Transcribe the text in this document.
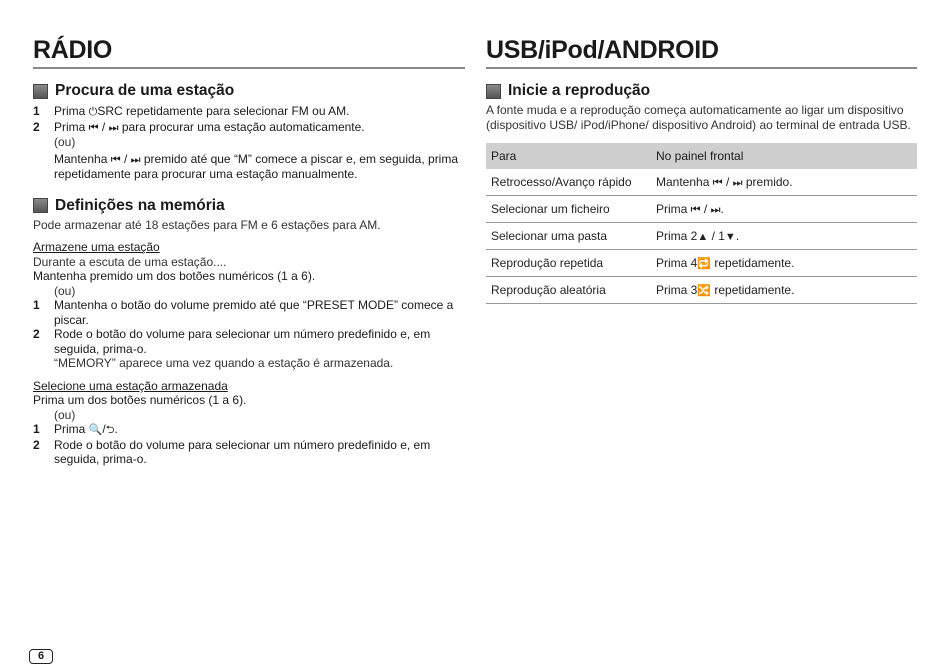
RÁDIO
Procura de uma estação
1	Prima ⏻SRC repetidamente para selecionar FM ou AM.
2	Prima ⏮ / ⏭ para procurar uma estação automaticamente.

(ou)

Mantenha ⏮ / ⏭ premido até que “M” comece a piscar e, em seguida, prima repetidamente para procurar uma estação manualmente.

Definições na memória

Pode armazenar até 18 estações para FM e 6 estações para AM.

Armazene uma estação

Durante a escuta de uma estação....

Mantenha premido um dos botões numéricos (1 a 6).

(ou)

1	Mantenha o botão do volume premido até que “PRESET MODE” comece a piscar.
2	Rode o botão do volume para selecionar um número predefinido e, em seguida, prima-o.

“MEMORY” aparece uma vez quando a estação é armazenada.

Selecione uma estação armazenada

Prima um dos botões numéricos (1 a 6).

(ou)

1	Prima 🔍/⮌.
2	Rode o botão do volume para selecionar um número predefinido e, em seguida, prima-o.
USB/iPod/ANDROID
Inicie a reprodução

A fonte muda e a reprodução começa automaticamente ao ligar um dispositivo (dispositivo USB/ iPod/iPhone/ dispositivo Android) ao terminal de entrada USB.

Para	No painel frontal
Retrocesso/Avanço rápido	Mantenha ⏮ / ⏭ premido.
Selecionar um ficheiro	Prima ⏮ / ⏭.
Selecionar uma pasta	Prima 2▲ / 1▼.
Reprodução repetida	Prima 4🔁 repetidamente.
Reprodução aleatória	Prima 3🔀 repetidamente.
6
